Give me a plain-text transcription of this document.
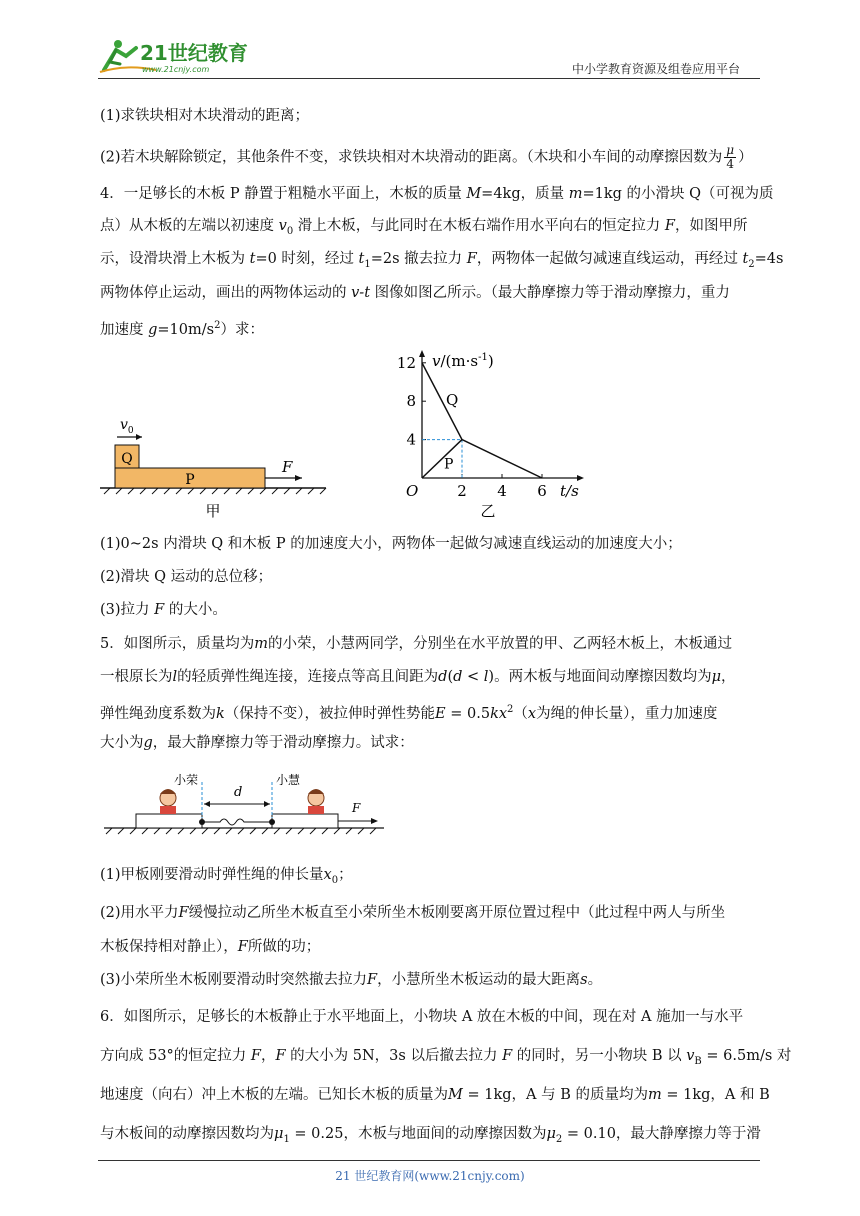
21世纪教育
www.21cnjy.com	中小学教育资源及组卷应用平台
(1)求铁块相对木块滑动的距离；
(2)若木块解除锁定，其他条件不变，求铁块相对木块滑动的距离。（木块和小车间的动摩擦因数为 $\frac{\mu}{4}$ ）
4．一足够长的木板 P 静置于粗糙水平面上，木板的质量 M=4kg，质量 m=1kg 的小滑块 Q（可视为质
点）从木板的左端以初速度 $v_0$ 滑上木板，与此同时在木板右端作用水平向右的恒定拉力 F，如图甲所
示，设滑块滑上木板为 t=0 时刻，经过 $t_1=2s$ 撤去拉力 F，两物体一起做匀减速直线运动，再经过 $t_2=4s$
两物体停止运动，画出的两物体运动的 v-t 图像如图乙所示。（最大静摩擦力等于滑动摩擦力，重力
加速度 $g=10m/s^2$）求：
Q
P
$v_0$
F
甲
$v/(m\cdot s^{-1})$
t/s
O
乙
2 4 6
4
8
12
Q
P
(1)0~2s 内滑块 Q 和木板 P 的加速度大小，两物体一起做匀减速直线运动的加速度大小；
(2)滑块 Q 运动的总位移；
(3)拉力 F 的大小。
5．如图所示，质量均为m的小荣，小慧两同学，分别坐在水平放置的甲、乙两轻木板上，木板通过
一根原长为l的轻质弹性绳连接，连接点等高且间距为d(d < l)。两木板与地面间动摩擦因数均为μ，
弹性绳劲度系数为k（保持不变），被拉伸时弹性势能$E = 0.5kx^2(x$为绳的伸长量），重力加速度
大小为g，最大静摩擦力等于滑动摩擦力。试求：
d
小荣	小慧
F
(1)甲板刚要滑动时弹性绳的伸长量$x_0$；
(2)用水平力F缓慢拉动乙所坐木板直至小荣所坐木板刚要离开原位置过程中（此过程中两人与所坐
木板保持相对静止），F所做的功；
(3)小荣所坐木板刚要滑动时突然撤去拉力F，小慧所坐木板运动的最大距离s。
6．如图所示，足够长的木板静止于水平地面上，小物块 A 放在木板的中间，现在对 A 施加一与水平
方向成 53°的恒定拉力 F，F 的大小为 5N，3s 以后撤去拉力 F 的同时，另一小物块 B 以 $v_B = 6.5m/s$ 对
地速度（向右）冲上木板的左端。已知长木板的质量为M = 1kg，A 与 B 的质量均为m = 1kg，A 和 B
与木板间的动摩擦因数均为$\mu_1 = 0.25$，木板与地面间的动摩擦因数为$\mu_2 = 0.10$，最大静摩擦力等于滑
21 世纪教育网(www.21cnjy.com)
